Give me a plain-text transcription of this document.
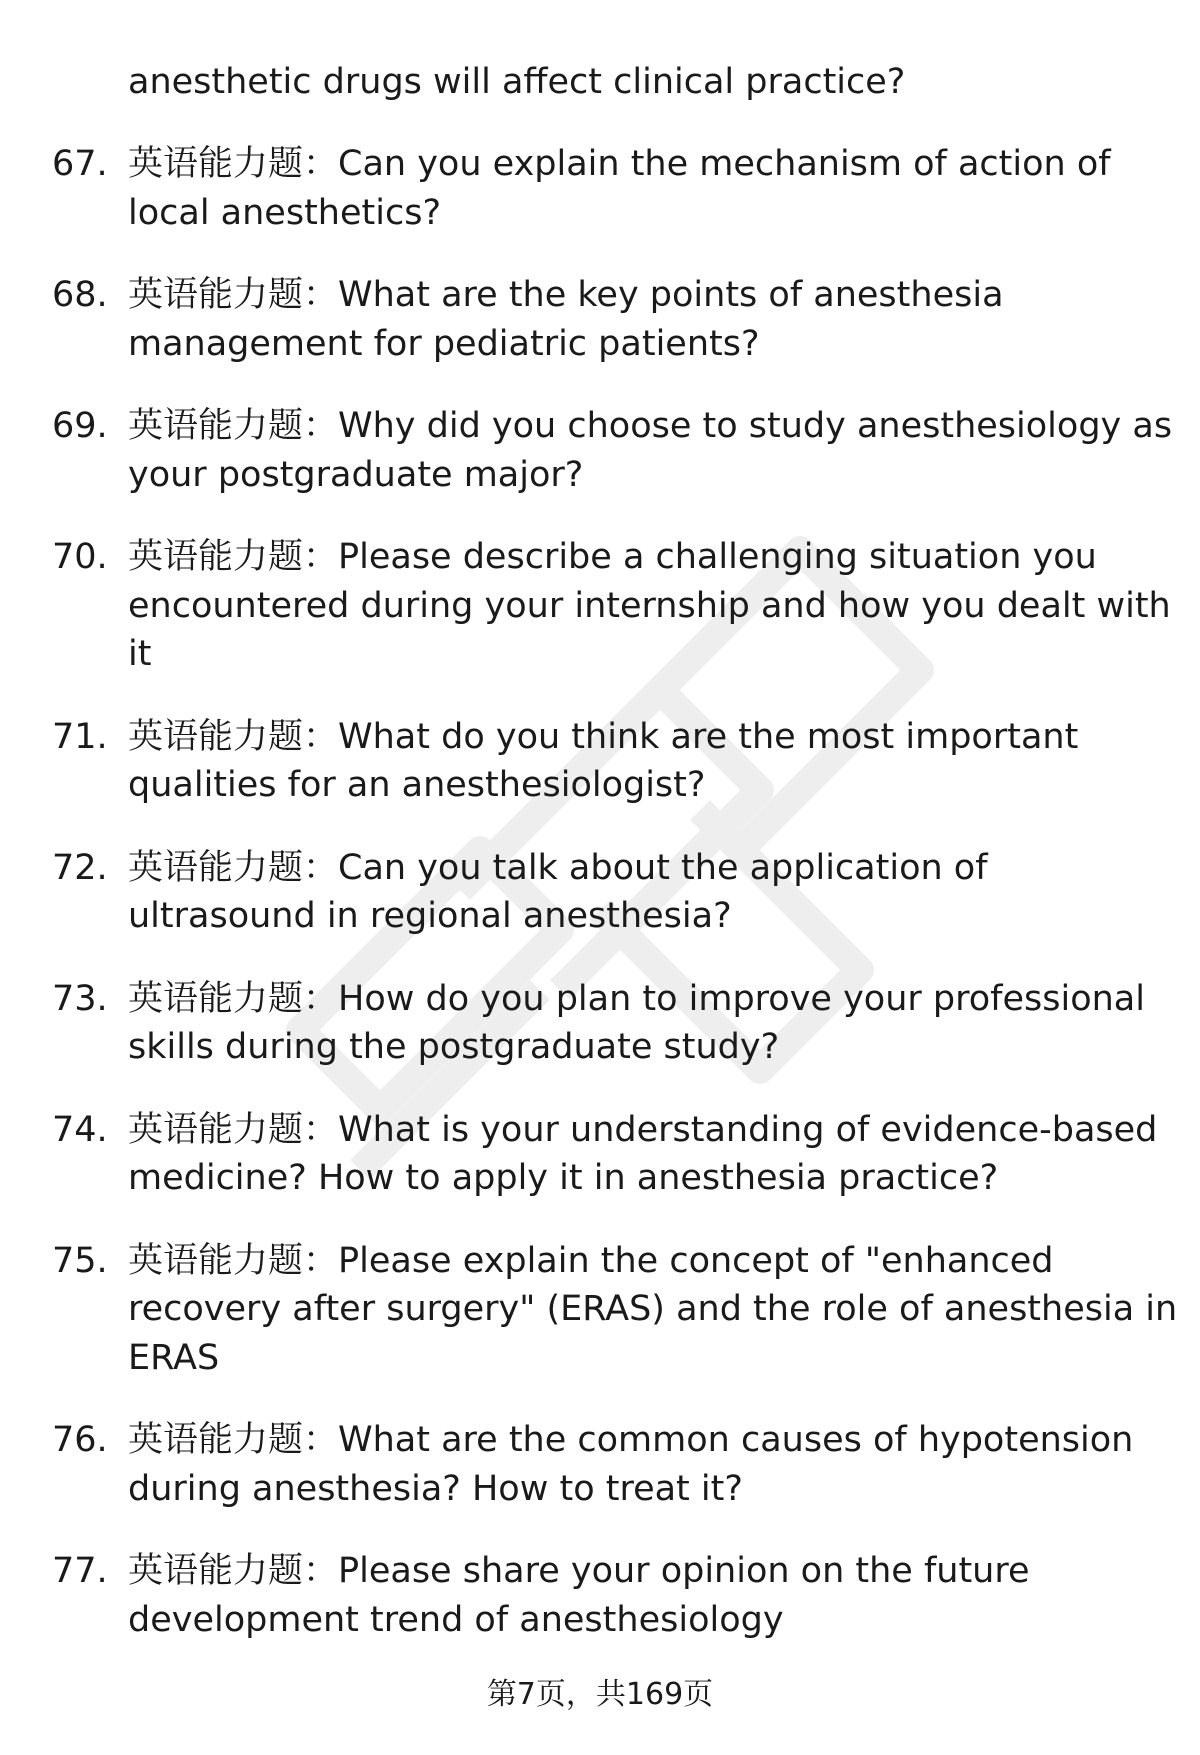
anesthetic drugs will affect clinical practice?

67. 英语能力题：Can you explain the mechanism of action of local anesthetics?
68. 英语能力题：What are the key points of anesthesia management for pediatric patients?
69. 英语能力题：Why did you choose to study anesthesiology as your postgraduate major?
70. 英语能力题：Please describe a challenging situation you encountered during your internship and how you dealt with it
71. 英语能力题：What do you think are the most important qualities for an anesthesiologist?
72. 英语能力题：Can you talk about the application of ultrasound in regional anesthesia?
73. 英语能力题：How do you plan to improve your professional skills during the postgraduate study?
74. 英语能力题：What is your understanding of evidence-based medicine? How to apply it in anesthesia practice?
75. 英语能力题：Please explain the concept of "enhanced recovery after surgery" (ERAS) and the role of anesthesia in ERAS
76. 英语能力题：What are the common causes of hypotension during anesthesia? How to treat it?
77. 英语能力题：Please share your opinion on the future development trend of anesthesiology
第7页，共169页
